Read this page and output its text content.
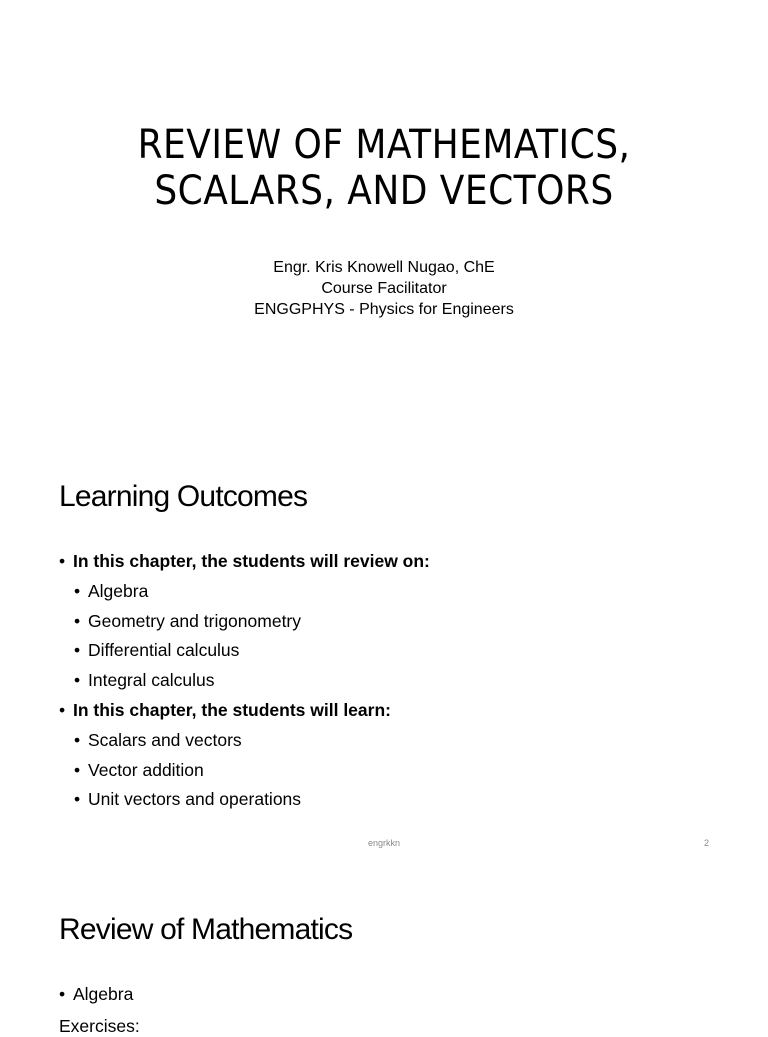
REVIEW OF MATHEMATICS,
SCALARS, AND VECTORS
Engr. Kris Knowell Nugao, ChE
Course Facilitator
ENGGPHYS - Physics for Engineers
Learning Outcomes
• In this chapter, the students will review on:
• Algebra
• Geometry and trigonometry
• Differential calculus
• Integral calculus
• In this chapter, the students will learn:
• Scalars and vectors
• Vector addition
• Unit vectors and operations
engrkkn	2
Review of Mathematics
• Algebra
Exercises:
